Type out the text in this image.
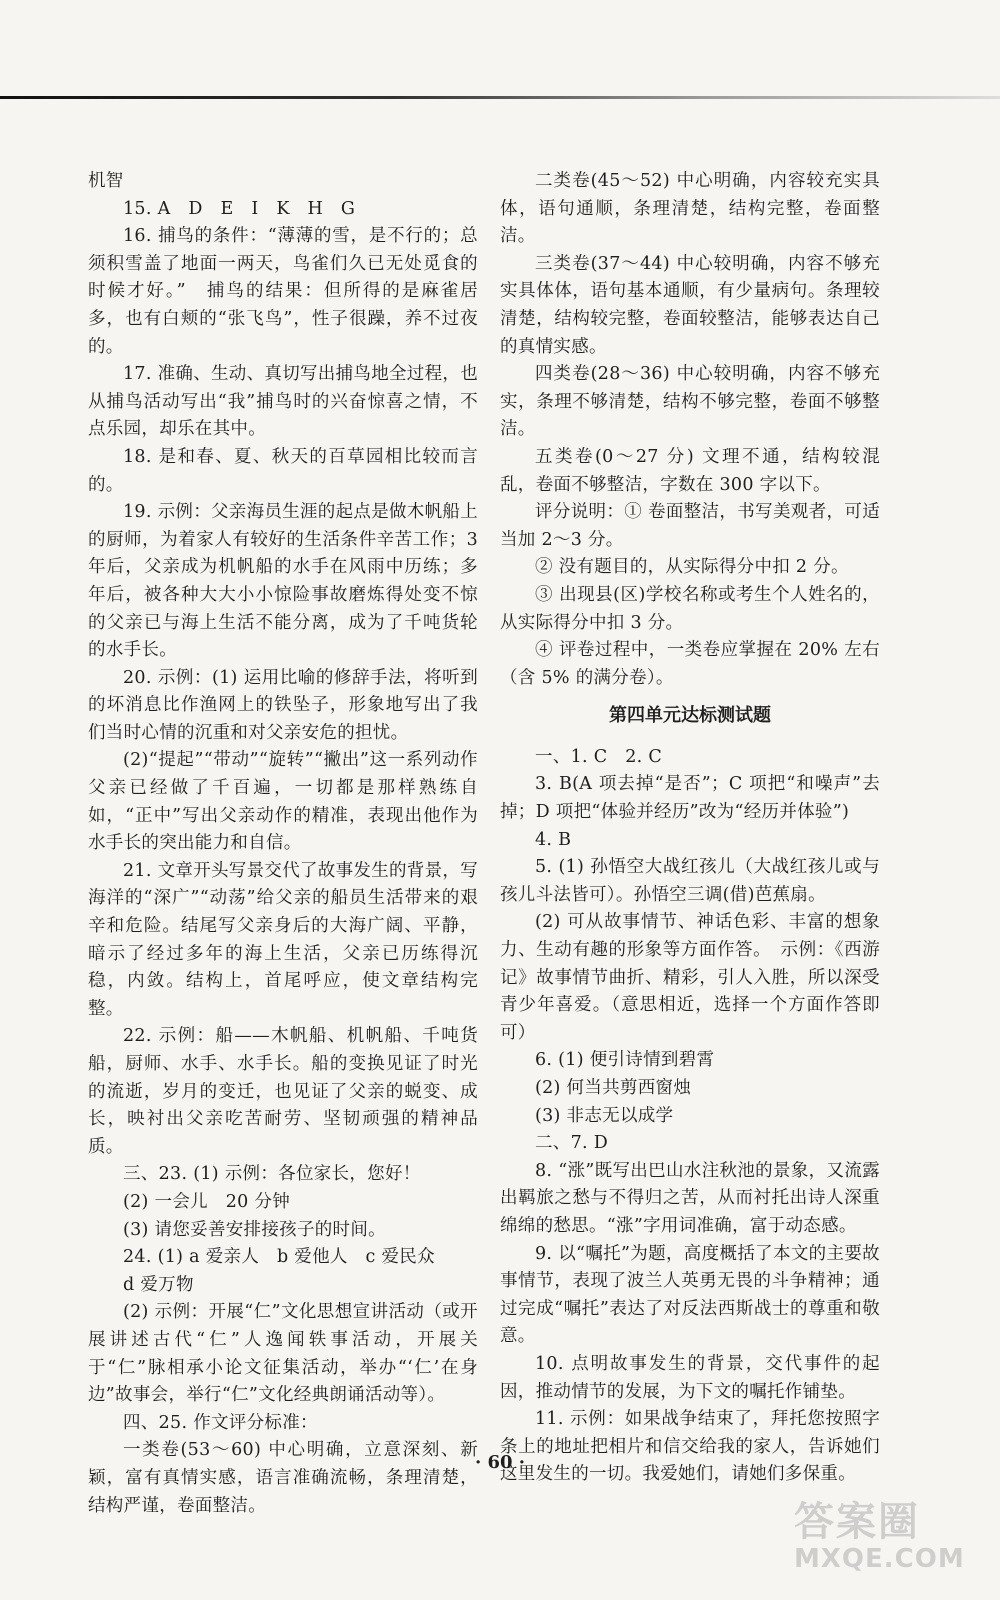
机智

15. A　D　E　I　K　H　G

16. 捕鸟的条件：“薄薄的雪，是不行的；总须积雪盖了地面一两天，鸟雀们久已无处觅食的时候才好。”　捕鸟的结果：但所得的是麻雀居多，也有白颊的“张飞鸟”，性子很躁，养不过夜的。

17. 准确、生动、真切写出捕鸟地全过程，也从捕鸟活动写出“我”捕鸟时的兴奋惊喜之情，不点乐园，却乐在其中。

18. 是和春、夏、秋天的百草园相比较而言的。

19. 示例：父亲海员生涯的起点是做木帆船上的厨师，为着家人有较好的生活条件辛苦工作；3年后，父亲成为机帆船的水手在风雨中历练；多年后，被各种大大小小惊险事故磨炼得处变不惊的父亲已与海上生活不能分离，成为了千吨货轮的水手长。

20. 示例：(1) 运用比喻的修辞手法，将听到的坏消息比作渔网上的铁坠子，形象地写出了我们当时心情的沉重和对父亲安危的担忧。

(2)“提起”“带动”“旋转”“撇出”这一系列动作父亲已经做了千百遍，一切都是那样熟练自如，“正中”写出父亲动作的精准，表现出他作为水手长的突出能力和自信。

21. 文章开头写景交代了故事发生的背景，写海洋的“深广”“动荡”给父亲的船员生活带来的艰辛和危险。结尾写父亲身后的大海广阔、平静，暗示了经过多年的海上生活，父亲已历练得沉稳，内敛。结构上，首尾呼应，使文章结构完整。

22. 示例：船——木帆船、机帆船、千吨货船，厨师、水手、水手长。船的变换见证了时光的流逝，岁月的变迁，也见证了父亲的蜕变、成长，映衬出父亲吃苦耐劳、坚韧顽强的精神品质。

三、23. (1) 示例：各位家长，您好！

(2) 一会儿　20 分钟

(3) 请您妥善安排接孩子的时间。

24. (1) a 爱亲人　b 爱他人　c 爱民众

d 爱万物

(2) 示例：开展“仁”文化思想宣讲活动（或开展讲述古代“仁”人逸闻轶事活动，开展关于“仁”脉相承小论文征集活动，举办“‘仁’在身边”故事会，举行“仁”文化经典朗诵活动等）。

四、25. 作文评分标准：

一类卷(53～60) 中心明确，立意深刻、新颖，富有真情实感，语言准确流畅，条理清楚，结构严谨，卷面整洁。

二类卷(45～52) 中心明确，内容较充实具体，语句通顺，条理清楚，结构完整，卷面整洁。

三类卷(37～44) 中心较明确，内容不够充实具体体，语句基本通顺，有少量病句。条理较清楚，结构较完整，卷面较整洁，能够表达自己的真情实感。

四类卷(28～36) 中心较明确，内容不够充实，条理不够清楚，结构不够完整，卷面不够整洁。

五类卷(0～27 分) 文理不通，结构较混乱，卷面不够整洁，字数在 300 字以下。

评分说明：① 卷面整洁，书写美观者，可适当加 2～3 分。

② 没有题目的，从实际得分中扣 2 分。

③ 出现县(区)学校名称或考生个人姓名的，从实际得分中扣 3 分。

④ 评卷过程中，一类卷应掌握在 20% 左右（含 5% 的满分卷）。

第四单元达标测试题

一、1. C　2. C

3. B(A 项去掉“是否”；C 项把“和噪声”去掉；D 项把“体验并经历”改为“经历并体验”)

4. B

5. (1) 孙悟空大战红孩儿（大战红孩儿或与孩儿斗法皆可）。孙悟空三调(借)芭蕉扇。

(2) 可从故事情节、神话色彩、丰富的想象力、生动有趣的形象等方面作答。　示例：《西游记》故事情节曲折、精彩，引人入胜，所以深受青少年喜爱。（意思相近，选择一个方面作答即可）

6. (1) 便引诗情到碧霄

(2) 何当共剪西窗烛

(3) 非志无以成学

二、7. D

8. “涨”既写出巴山水注秋池的景象，又流露出羁旅之愁与不得归之苦，从而衬托出诗人深重绵绵的愁思。“涨”字用词准确，富于动态感。

9. 以“嘱托”为题，高度概括了本文的主要故事情节，表现了波兰人英勇无畏的斗争精神；通过完成“嘱托”表达了对反法西斯战士的尊重和敬意。

10. 点明故事发生的背景，交代事件的起因，推动情节的发展，为下文的嘱托作铺垫。

11. 示例：如果战争结束了，拜托您按照字条上的地址把相片和信交给我的家人，告诉她们这里发生的一切。我爱她们，请她们多保重。

· 60 ·
答案圈
MXQE.COM
